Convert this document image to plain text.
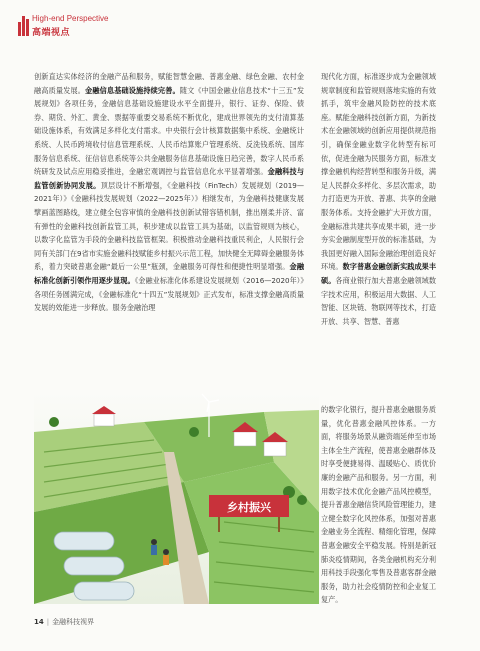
High-end Perspective
高端视点
创新直达实体经济的金融产品和服务，赋能智慧金融、普惠金融、绿色金融、农村金融高质量发展。金融信息基础设施持续完善。随文《中国金融业信息技术“十三五”发展规划》各项任务，金融信息基础设施建设水平全面提升，银行、证券、保险、债券、期货、外汇、黄金、票据等重要交易系统不断优化，建成世界领先的支付清算基础设施体系，有效满足多样化支付需求。中央银行会计核算数据集中系统、金融统计系统、人民币跨境收付信息管理系统、人民币结算账户管理系统、反洗钱系统、国库服务信息系统、征信信息系统等公共金融服务信息基础设施日趋完善，数字人民币系统研发及试点应用稳妥推进，金融宏观调控与监管信息化水平显著增强。金融科技与监管创新协同发展。顶层设计不断增强，《金融科技（FinTech）发展规划（2019—2021年）》《金融科技发展规划（2022—2025年）》相继发布，为金融科技健康发展擘画蓝图路线，建立健全包容审慎的金融科技创新试错容错机制，推出刚柔并济、富有弹性的金融科技创新监管工具，积步建成以监管工具为基础，以监管规则为核心，以数字化监管为手段的金融科技监管框架。积极推动金融科技重民利企，人民银行会同有关部门在9省市实施金融科技赋能乡村振兴示范工程，加快健全无障碍金融服务体系，着力突破普惠金融“最后一公里”瓶颈，金融服务可得性和便捷性明显增强。金融标准化创新引领作用逐步显现。《金融业标准化体系建设发展规划（2016—2020年）》各项任务圆满完成，《金融标准化“十四五”发展规划》正式发布，标准支撑金融高质量发展的效能进一步释放。服务金融治理
现代化方面，标准逐步成为金融领域规章制度和监管规则落地实施的有效抓手，筑牢金融风险防控的技术底座。赋能金融科技创新方面，为新技术在金融领域的创新应用提供规范指引，确保金融业数字化转型有标可依，促进金融为民服务方面，标准支撑金融机构经营转型和服务升级，满足人民群众多样化、多层次需求，助力打造更为开放、普惠、共享的金融服务体系。支持金融扩大开放方面，金融标准共建共享成果丰硕，进一步夯实金融制度型开放的标准基础，为我国更好融入国际金融治理创造良好环境。数字普惠金融创新实践成果丰硕。各商业银行加大普惠金融领域数字技术应用，积极运用大数据、人工智能、区块链、物联网等技术，打造开放、共享、智慧、普惠
的数字化银行，提升普惠金融服务质量，优化普惠金融风控体系。一方面，将服务场景从融资端延伸至市场主体全生产流程，使普惠金融群体及时享受便捷易得、温暖贴心、质优价廉的金融产品和服务。另一方面，利用数字技术优化金融产品风控模型，提升普惠金融信贷风险管理能力，建立健全数字化风控体系，加强对普惠金融业务全流程、精细化管理，保障普惠金融安全平稳发展。特别是新冠肺炎疫情期间，各类金融机构充分利用科技手段强化零售及普惠客群金融服务，助力社会疫情防控和企业复工复产。
乡村振兴
14 | 金融科技视界
